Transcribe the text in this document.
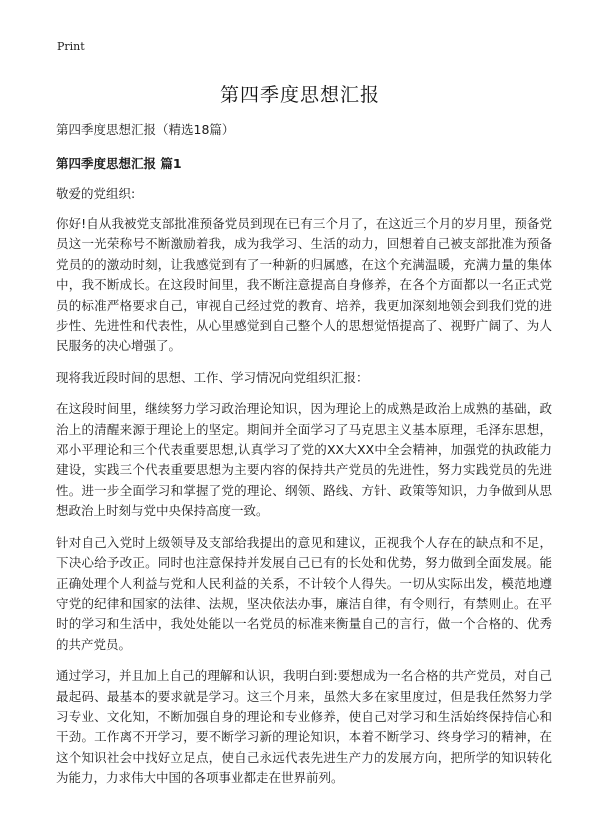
Print
第四季度思想汇报
第四季度思想汇报（精选18篇）
第四季度思想汇报 篇1
敬爱的党组织:
你好!自从我被党支部批准预备党员到现在已有三个月了，在这近三个月的岁月里，预备党员这一光荣称号不断激励着我，成为我学习、生活的动力，回想着自己被支部批准为预备党员的的激动时刻，让我感觉到有了一种新的归属感，在这个充满温暖，充满力量的集体中，我不断成长。在这段时间里，我不断注意提高自身修养，在各个方面都以一名正式党员的标准严格要求自己，审视自己经过党的教育、培养，我更加深刻地领会到我们党的进步性、先进性和代表性，从心里感觉到自己整个人的思想觉悟提高了、视野广阔了、为人民服务的决心增强了。
现将我近段时间的思想、工作、学习情况向党组织汇报：
在这段时间里，继续努力学习政治理论知识，因为理论上的成熟是政治上成熟的基础，政治上的清醒来源于理论上的坚定。期间并全面学习了马克思主义基本原理，毛泽东思想，邓小平理论和三个代表重要思想,认真学习了党的XX大XX中全会精神，加强党的执政能力建设，实践三个代表重要思想为主要内容的保持共产党员的先进性，努力实践党员的先进性。进一步全面学习和掌握了党的理论、纲领、路线、方针、政策等知识，力争做到从思想政治上时刻与党中央保持高度一致。
针对自己入党时上级领导及支部给我提出的意见和建议，正视我个人存在的缺点和不足，下决心给予改正。同时也注意保持并发展自己已有的长处和优势，努力做到全面发展。能正确处理个人利益与党和人民利益的关系，不计较个人得失。一切从实际出发，模范地遵守党的纪律和国家的法律、法规，坚决依法办事，廉洁自律，有令则行，有禁则止。在平时的学习和生活中，我处处能以一名党员的标准来衡量自己的言行，做一个合格的、优秀的共产党员。
通过学习，并且加上自己的理解和认识，我明白到:要想成为一名合格的共产党员，对自己最起码、最基本的要求就是学习。这三个月来，虽然大多在家里度过，但是我任然努力学习专业、文化知，不断加强自身的理论和专业修养，使自己对学习和生活始终保持信心和干劲。工作离不开学习，要不断学习新的理论知识，本着不断学习、终身学习的精神，在这个知识社会中找好立足点，使自己永远代表先进生产力的发展方向，把所学的知识转化为能力，力求伟大中国的各项事业都走在世界前列。
